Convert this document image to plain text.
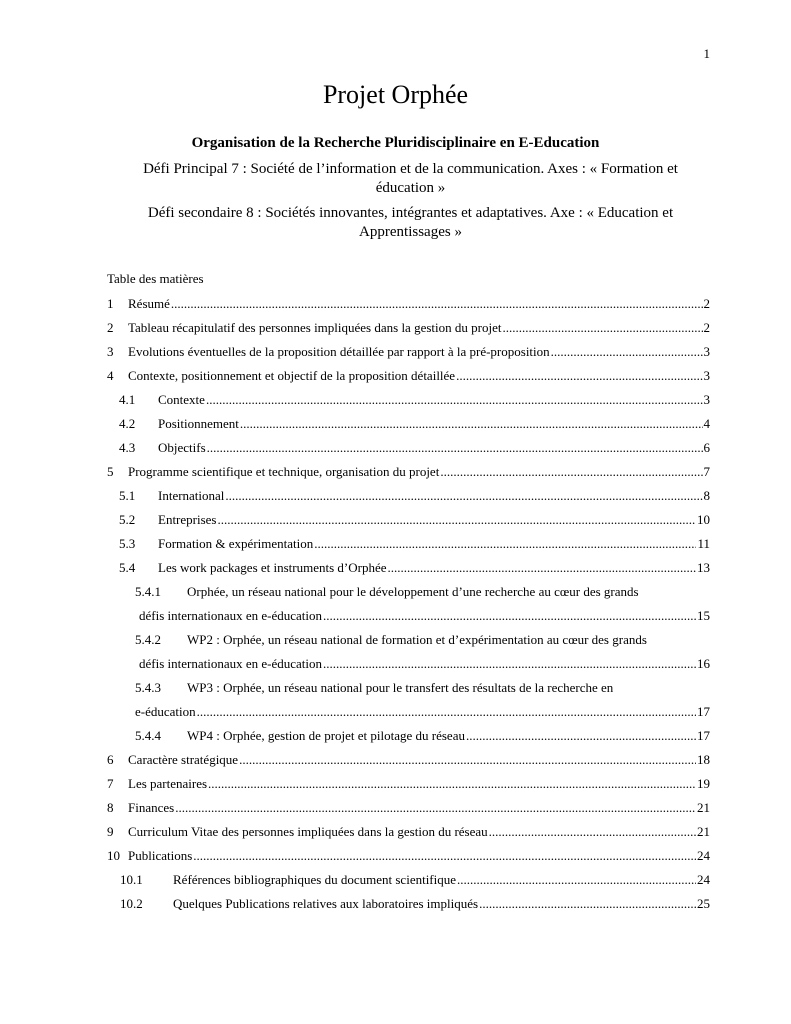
1
Projet Orphée
Organisation de la Recherche Pluridisciplinaire en E-Education
Défi Principal 7 : Société de l’information et de la communication. Axes : « Formation et éducation »
Défi secondaire 8 : Sociétés innovantes, intégrantes et adaptatives. Axe : « Education et Apprentissages »
Table des matières
1 Résumé .....	2
2 Tableau récapitulatif des personnes impliquées dans la gestion du projet .....	2
3 Evolutions éventuelles de la proposition détaillée par rapport à la pré-proposition .....	3
4 Contexte, positionnement et objectif de la proposition détaillée .....	3
4.1 Contexte .....	3
4.2 Positionnement .....	4
4.3 Objectifs .....	6
5 Programme scientifique et technique, organisation du projet .....	7
5.1 International .....	8
5.2 Entreprises .....	10
5.3 Formation & expérimentation .....	11
5.4 Les work packages et instruments d’Orphée .....	13
5.4.1 Orphée, un réseau national pour le développement d’une recherche au cœur des grands
défis internationaux en e-éducation .....	15
5.4.2 WP2 : Orphée, un réseau national de formation et d’expérimentation au cœur des grands
défis internationaux en e-éducation .....	16
5.4.3 WP3 : Orphée, un réseau national pour le transfert des résultats de la recherche en
e-éducation .....	17
5.4.4 WP4 : Orphée, gestion de projet et pilotage du réseau .....	17
6 Caractère stratégique .....	18
7 Les partenaires .....	19
8 Finances .....	21
9 Curriculum Vitae des personnes impliquées dans la gestion du réseau .....	21
10 Publications .....	24
10.1 Références bibliographiques du document scientifique .....	24
10.2 Quelques Publications relatives aux laboratoires impliqués .....	25
